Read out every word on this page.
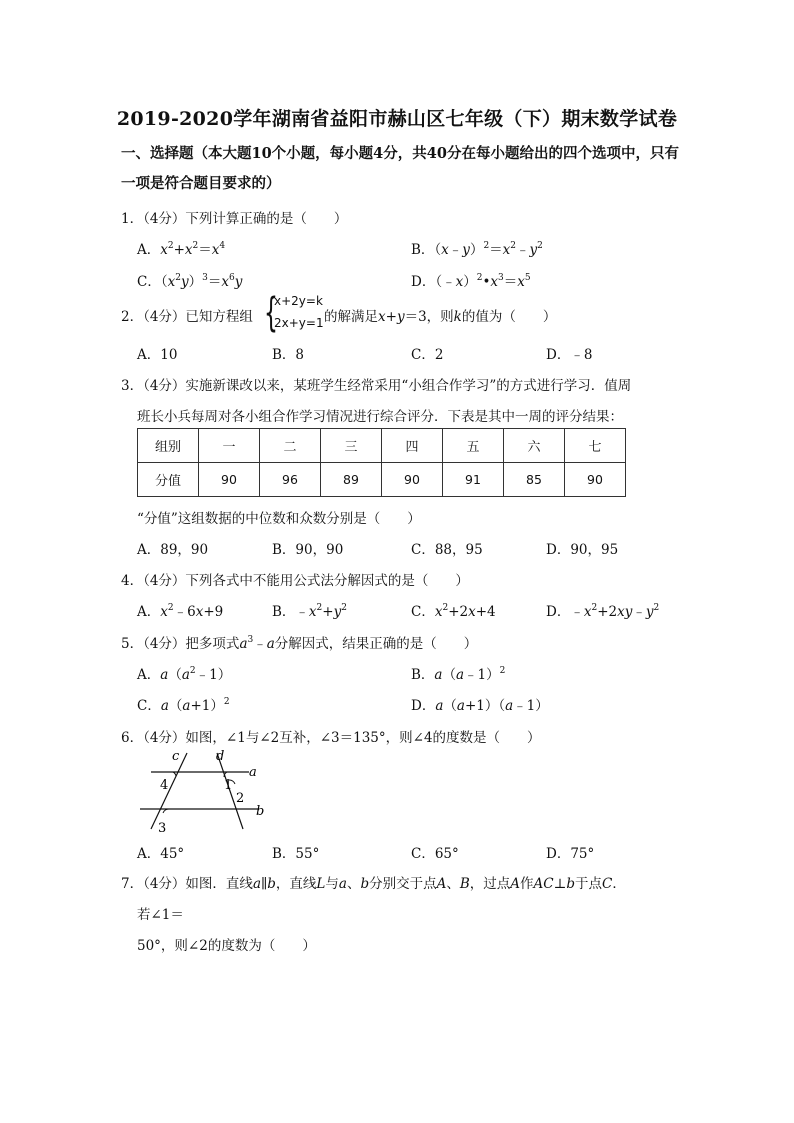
2019-2020学年湖南省益阳市赫山区七年级（下）期末数学试卷
一、选择题（本大题10个小题，每小题4分，共40分在每小题给出的四个选项中，只有
一项是符合题目要求的）
1．（4分）下列计算正确的是（　　）
A．$x^2+x^2=x^4$	B．$(x﹣y)^2=x^2﹣y^2$
C．$(x^2y)^3=x^6y$	D．$(﹣x)^2•x^3=x^5$
2．（4分）已知方程组 {
x+2y=k
2x+y=1 的解满足x+y＝3，则k的值为（　　）
A．10	B．8	C．2	D．﹣8
3．（4分）实施新课改以来，某班学生经常采用“小组合作学习”的方式进行学习．值周
班长小兵每周对各小组合作学习情况进行综合评分．下表是其中一周的评分结果：
组别	一	二	三	四	五	六	七
分值	90	96	89	90	91	85	90
“分值”这组数据的中位数和众数分别是（　　）
A．89，90	B．90，90	C．88，95	D．90，95
4．（4分）下列各式中不能用公式法分解因式的是（　　）
A．$x^2﹣6x+9$	B．$﹣x^2+y^2$	C．$x^2+2x+4$	D．$﹣x^2+2xy﹣y^2$
5．（4分）把多项式$a^3﹣a$分解因式，结果正确的是（　　）
A．$a(a^2﹣1)$	B．a（a﹣1）$^2$
C．$a(a+1)^2$	D．a（a+1）（a﹣1）
6．（4分）如图，∠1与∠2互补，∠3＝135°，则∠4的度数是（　　）
c	d
a
b
1
2
3
4
A．45°	B．55°	C．65°	D．75°
7．（4分）如图．直线a∥b，直线L与a、b分别交于点A、B，过点A作AC⊥b于点C．
若∠1＝
50°，则∠2的度数为（　　）
